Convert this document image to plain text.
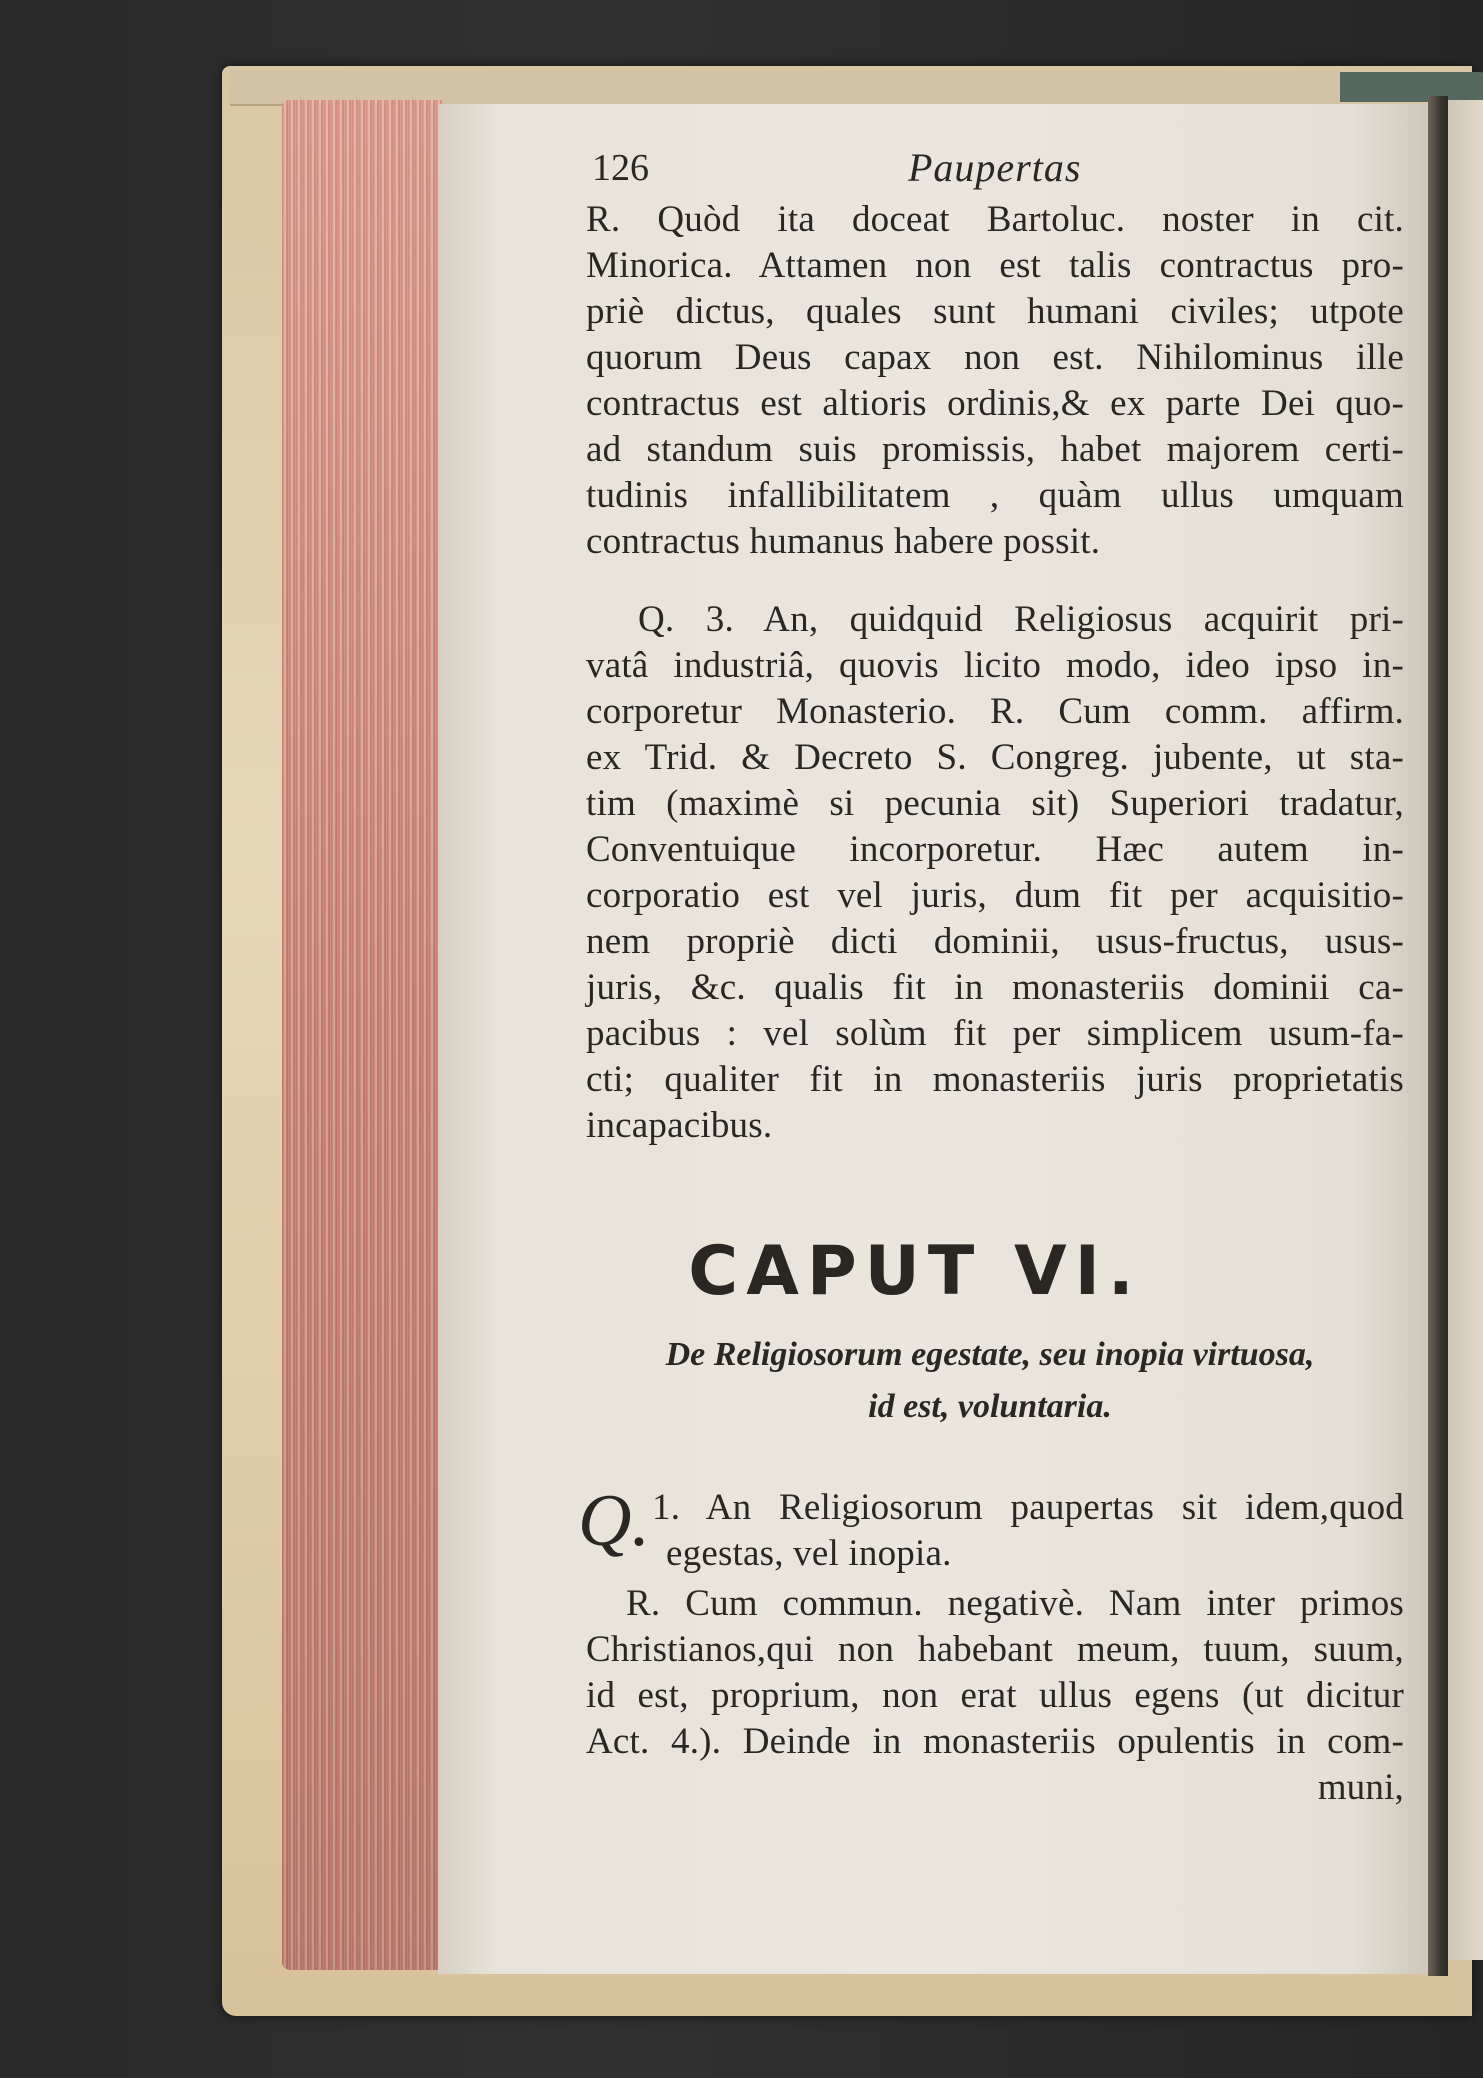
126	Paupertas
R. Quòd ita doceat Bartoluc. noster in cit.
Minorica. Attamen non est talis contractus pro-
priè dictus, quales sunt humani civiles; utpote
quorum Deus capax non est. Nihilominus ille
contractus est altioris ordinis,& ex parte Dei quo-
ad standum suis promissis, habet majorem certi-
tudinis infallibilitatem , quàm ullus umquam
contractus humanus habere possit.
Q. 3. An, quidquid Religiosus acquirit pri-
vatâ industriâ, quovis licito modo, ideo ipso in-
corporetur Monasterio. R. Cum comm. affirm.
ex Trid. & Decreto S. Congreg. jubente, ut sta-
tim (maximè si pecunia sit) Superiori tradatur,
Conventuique incorporetur. Hæc autem in-
corporatio est vel juris, dum fit per acquisitio-
nem propriè dicti dominii, usus-fructus, usus-
juris, &c. qualis fit in monasteriis dominii ca-
pacibus : vel solùm fit per simplicem usum-fa-
cti; qualiter fit in monasteriis juris proprietatis
incapacibus.
CAPUT VI.
De Religiosorum egestate, seu inopia virtuosa,
id est, voluntaria.
Q. 1. An Religiosorum paupertas sit idem,quod
egestas, vel inopia.
R. Cum commun. negativè. Nam inter primos
Christianos,qui non habebant meum, tuum, suum,
id est, proprium, non erat ullus egens (ut dicitur
Act. 4.). Deinde in monasteriis opulentis in com-
muni,
